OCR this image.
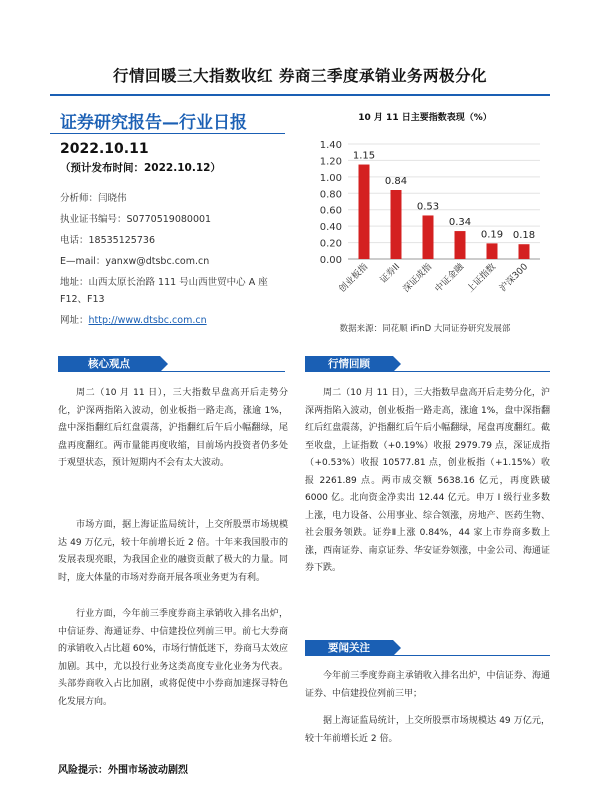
行情回暖三大指数收红 券商三季度承销业务两极分化
证券研究报告—行业日报
2022.10.11
（预计发布时间：2022.10.12）
分析师：闫晓伟
执业证书编号：S0770519080001
电话：18535125736
E—mail：yanxw@dtsbc.com.cn
地址：山西太原长治路 111 号山西世贸中心 A 座
F12、F13
网址：http://www.dtsbc.com.cn
10 月 11 日主要指数表现（%）
1.15
0.84
0.53
0.34
0.19 0.18
0.00
0.20
0.40
0.60
0.80
1.00
1.20
1.40
创业板指 证券II 深证成指 中证金融 上证指数 沪深300
数据来源：同花顺 iFinD 大同证券研究发展部
核心观点

周二（10 月 11 日），三大指数早盘高开后走势分化，沪深两指陷入波动，创业板指一路走高，涨逾 1%，盘中深指翻红后红盘震荡，沪指翻红后午后小幅翻绿，尾盘再度翻红。两市量能再度收缩，目前场内投资者仍多处于观望状态，预计短期内不会有太大波动。

市场方面，据上海证监局统计，上交所股票市场规模达 49 万亿元，较十年前增长近 2 倍。十年来我国股市的发展表现亮眼，为我国企业的融资贡献了极大的力量。同时，庞大体量的市场对券商开展各项业务更为有利。

行业方面，今年前三季度券商主承销收入排名出炉，中信证券、海通证券、中信建投位列前三甲。前七大券商的承销收入占比超 60%，市场行情低迷下，券商马太效应加剧。其中，尤以投行业务这类高度专业化业务为代表。头部券商收入占比加剧，或将促使中小券商加速探寻特色化发展方向。

风险提示：外围市场波动剧烈
行情回顾

周二（10 月 11 日），三大指数早盘高开后走势分化，沪深两指陷入波动，创业板指一路走高，涨逾 1%，盘中深指翻红后红盘震荡，沪指翻红后午后小幅翻绿，尾盘再度翻红。截至收盘，上证指数（+0.19%）收报 2979.79 点，深证成指（+0.53%）收报 10577.81 点，创业板指（+1.15%）收报 2261.89 点。两市成交额 5638.16 亿元，再度跌破 6000 亿。北向资金净卖出 12.44 亿元。申万 I 级行业多数上涨，电力设备、公用事业、综合领涨，房地产、医药生物、社会服务领跌。证券Ⅱ上涨 0.84%，44 家上市券商多数上涨，西南证券、南京证券、华安证券领涨，中金公司、海通证券下跌。

要闻关注

今年前三季度券商主承销收入排名出炉，中信证券、海通证券、中信建投位列前三甲；

据上海证监局统计，上交所股票市场规模达 49 万亿元，较十年前增长近 2 倍。
